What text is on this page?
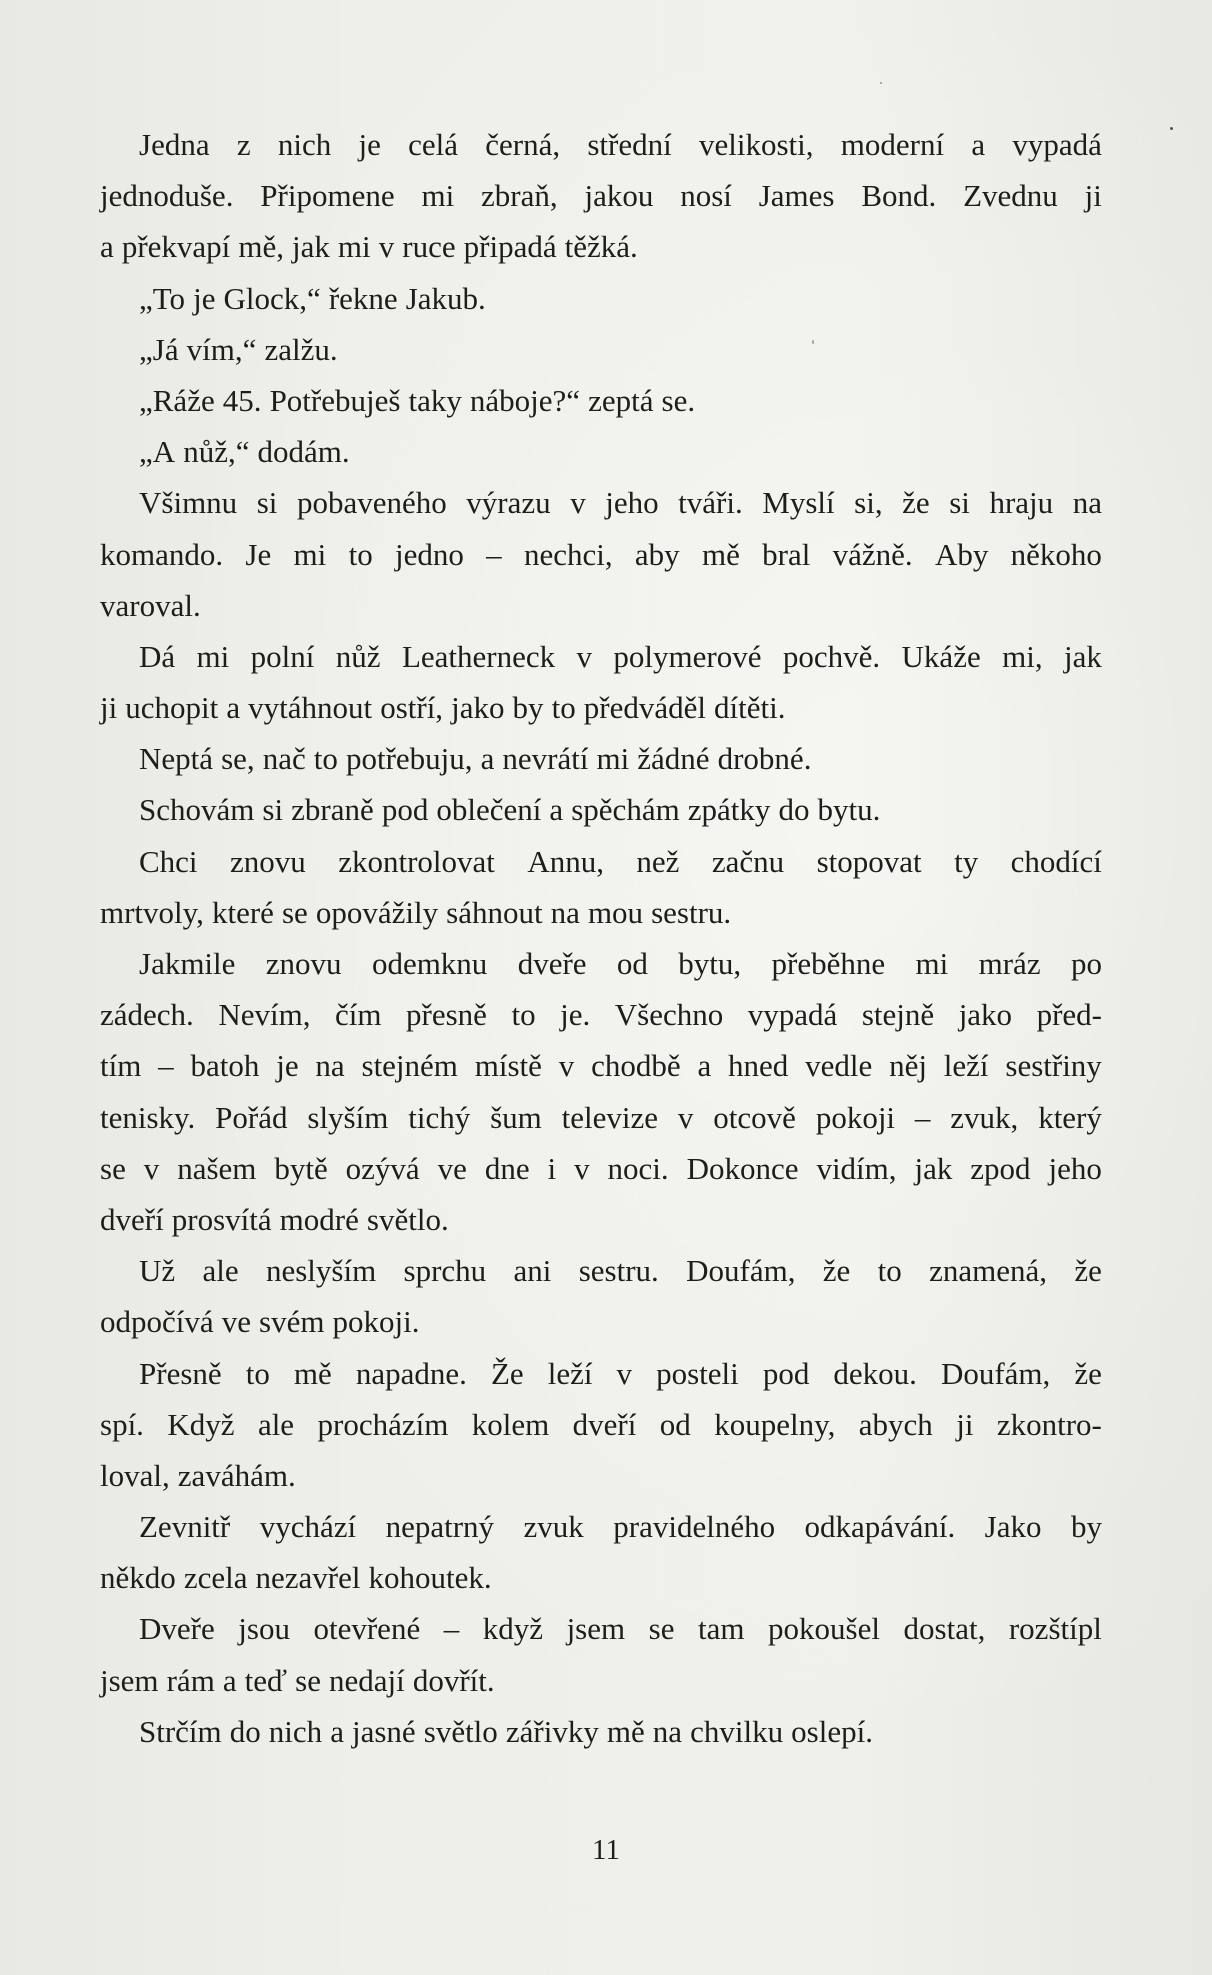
Jedna z nich je celá černá, střední velikosti, moderní a vypadá
jednoduše. Připomene mi zbraň, jakou nosí James Bond. Zvednu ji
a překvapí mě, jak mi v ruce připadá těžká.
„To je Glock,“ řekne Jakub.
„Já vím,“ zalžu.
„Ráže 45. Potřebuješ taky náboje?“ zeptá se.
„A nůž,“ dodám.
Všimnu si pobaveného výrazu v jeho tváři. Myslí si, že si hraju na
komando. Je mi to jedno – nechci, aby mě bral vážně. Aby někoho
varoval.
Dá mi polní nůž Leatherneck v polymerové pochvě. Ukáže mi, jak
ji uchopit a vytáhnout ostří, jako by to předváděl dítěti.
Neptá se, nač to potřebuju, a nevrátí mi žádné drobné.
Schovám si zbraně pod oblečení a spěchám zpátky do bytu.
Chci znovu zkontrolovat Annu, než začnu stopovat ty chodící
mrtvoly, které se opovážily sáhnout na mou sestru.
Jakmile znovu odemknu dveře od bytu, přeběhne mi mráz po
zádech. Nevím, čím přesně to je. Všechno vypadá stejně jako před-
tím – batoh je na stejném místě v chodbě a hned vedle něj leží sestřiny
tenisky. Pořád slyším tichý šum televize v otcově pokoji – zvuk, který
se v našem bytě ozývá ve dne i v noci. Dokonce vidím, jak zpod jeho
dveří prosvítá modré světlo.
Už ale neslyším sprchu ani sestru. Doufám, že to znamená, že
odpočívá ve svém pokoji.
Přesně to mě napadne. Že leží v posteli pod dekou. Doufám, že
spí. Když ale procházím kolem dveří od koupelny, abych ji zkontro-
loval, zaváhám.
Zevnitř vychází nepatrný zvuk pravidelného odkapávání. Jako by
někdo zcela nezavřel kohoutek.
Dveře jsou otevřené – když jsem se tam pokoušel dostat, rozštípl
jsem rám a teď se nedají dovřít.
Strčím do nich a jasné světlo zářivky mě na chvilku oslepí.
11
